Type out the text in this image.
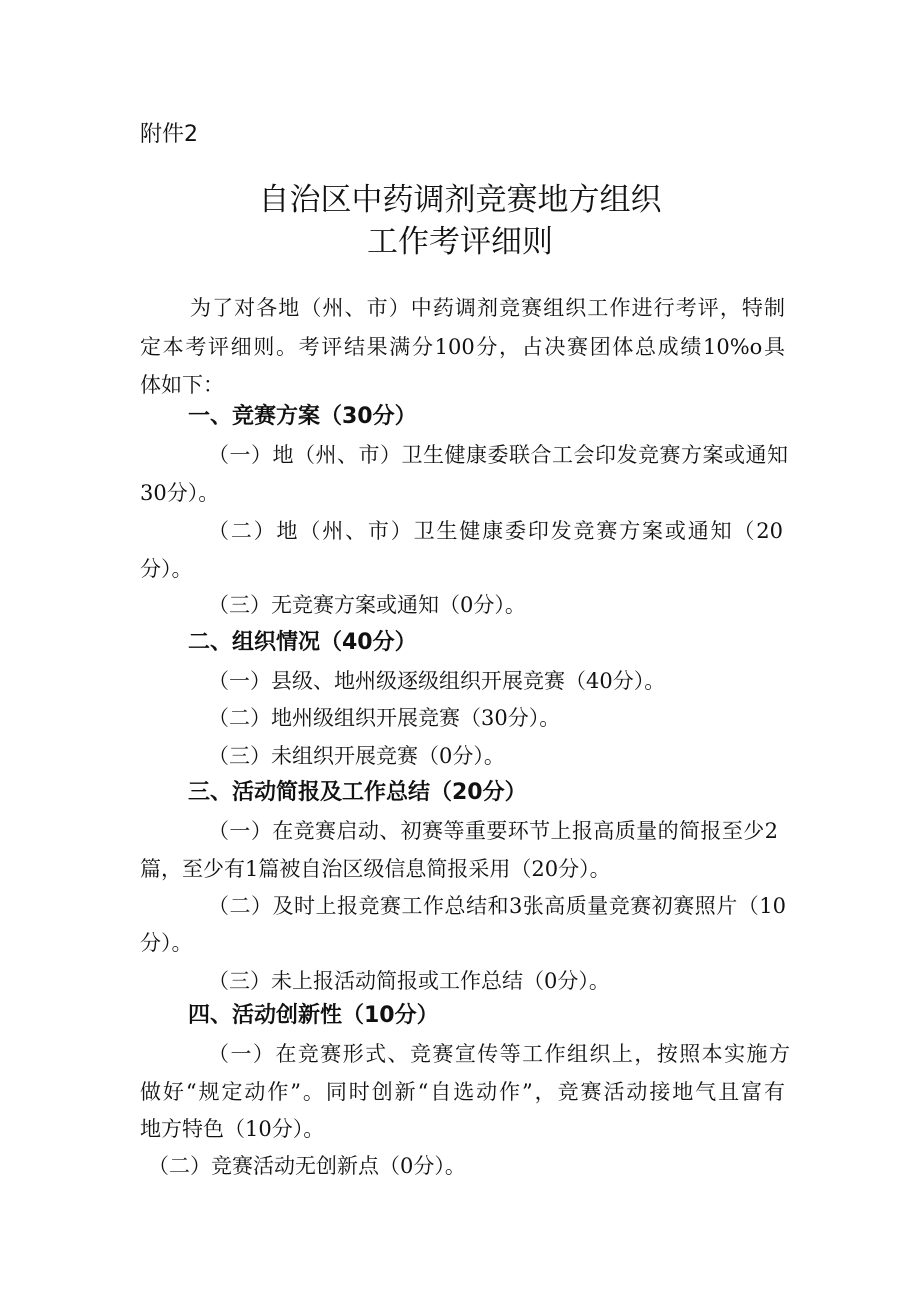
附件2
自治区中药调剂竞赛地方组织
工作考评细则
为了对各地（州、市）中药调剂竞赛组织工作进行考评，特制
定本考评细则。考评结果满分100分，占决赛团体总成绩10%o具
体如下：
一、竞赛方案（30分）
（一）地（州、市）卫生健康委联合工会印发竞赛方案或通知
30分）。
（二）地（州、市）卫生健康委印发竞赛方案或通知（20
分）。
（三）无竞赛方案或通知（0分）。
二、组织情况（40分）
（一）县级、地州级逐级组织开展竞赛（40分）。
（二）地州级组织开展竞赛（30分）。
（三）未组织开展竞赛（0分）。
三、活动简报及工作总结（20分）
（一）在竞赛启动、初赛等重要环节上报高质量的简报至少2
篇，至少有1篇被自治区级信息简报采用（20分）。
（二）及时上报竞赛工作总结和3张高质量竞赛初赛照片（10
分）。
（三）未上报活动简报或工作总结（0分）。
四、活动创新性（10分）
（一）在竞赛形式、竞赛宣传等工作组织上，按照本实施方
做好“规定动作”。同时创新“自选动作”，竞赛活动接地气且富有
地方特色（10分）。
（二）竞赛活动无创新点（0分）。
